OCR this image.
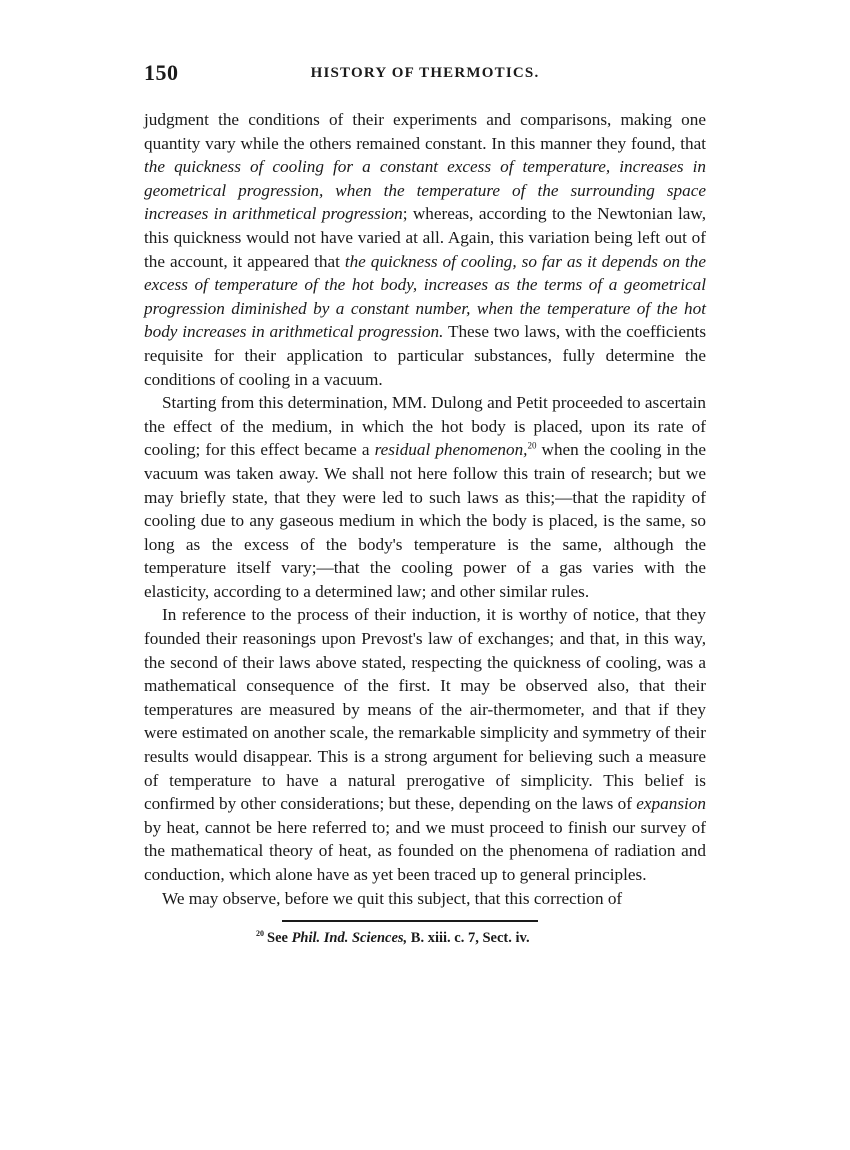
150	HISTORY OF THERMOTICS.

judgment the conditions of their experiments and comparisons, making one quantity vary while the others remained constant. In this manner they found, that the quickness of cooling for a constant excess of temperature, increases in geometrical progression, when the temperature of the surrounding space increases in arithmetical progression; whereas, according to the Newtonian law, this quickness would not have varied at all. Again, this variation being left out of the account, it appeared that the quickness of cooling, so far as it depends on the excess of temperature of the hot body, increases as the terms of a geometrical progression diminished by a constant number, when the temperature of the hot body increases in arithmetical progression. These two laws, with the coefficients requisite for their application to particular substances, fully determine the conditions of cooling in a vacuum.

Starting from this determination, MM. Dulong and Petit proceeded to ascertain the effect of the medium, in which the hot body is placed, upon its rate of cooling; for this effect became a residual phenomenon,$^{20}$ when the cooling in the vacuum was taken away. We shall not here follow this train of research; but we may briefly state, that they were led to such laws as this;—that the rapidity of cooling due to any gaseous medium in which the body is placed, is the same, so long as the excess of the body's temperature is the same, although the temperature itself vary;—that the cooling power of a gas varies with the elasticity, according to a determined law; and other similar rules.

In reference to the process of their induction, it is worthy of notice, that they founded their reasonings upon Prevost's law of exchanges; and that, in this way, the second of their laws above stated, respecting the quickness of cooling, was a mathematical consequence of the first. It may be observed also, that their temperatures are measured by means of the air-thermometer, and that if they were estimated on another scale, the remarkable simplicity and symmetry of their results would disappear. This is a strong argument for believing such a measure of temperature to have a natural prerogative of simplicity. This belief is confirmed by other considerations; but these, depending on the laws of expansion by heat, cannot be here referred to; and we must proceed to finish our survey of the mathematical theory of heat, as founded on the phenomena of radiation and conduction, which alone have as yet been traced up to general principles.

We may observe, before we quit this subject, that this correction of

$^{20}$ See Phil. Ind. Sciences, B. xiii. c. 7, Sect. iv.
